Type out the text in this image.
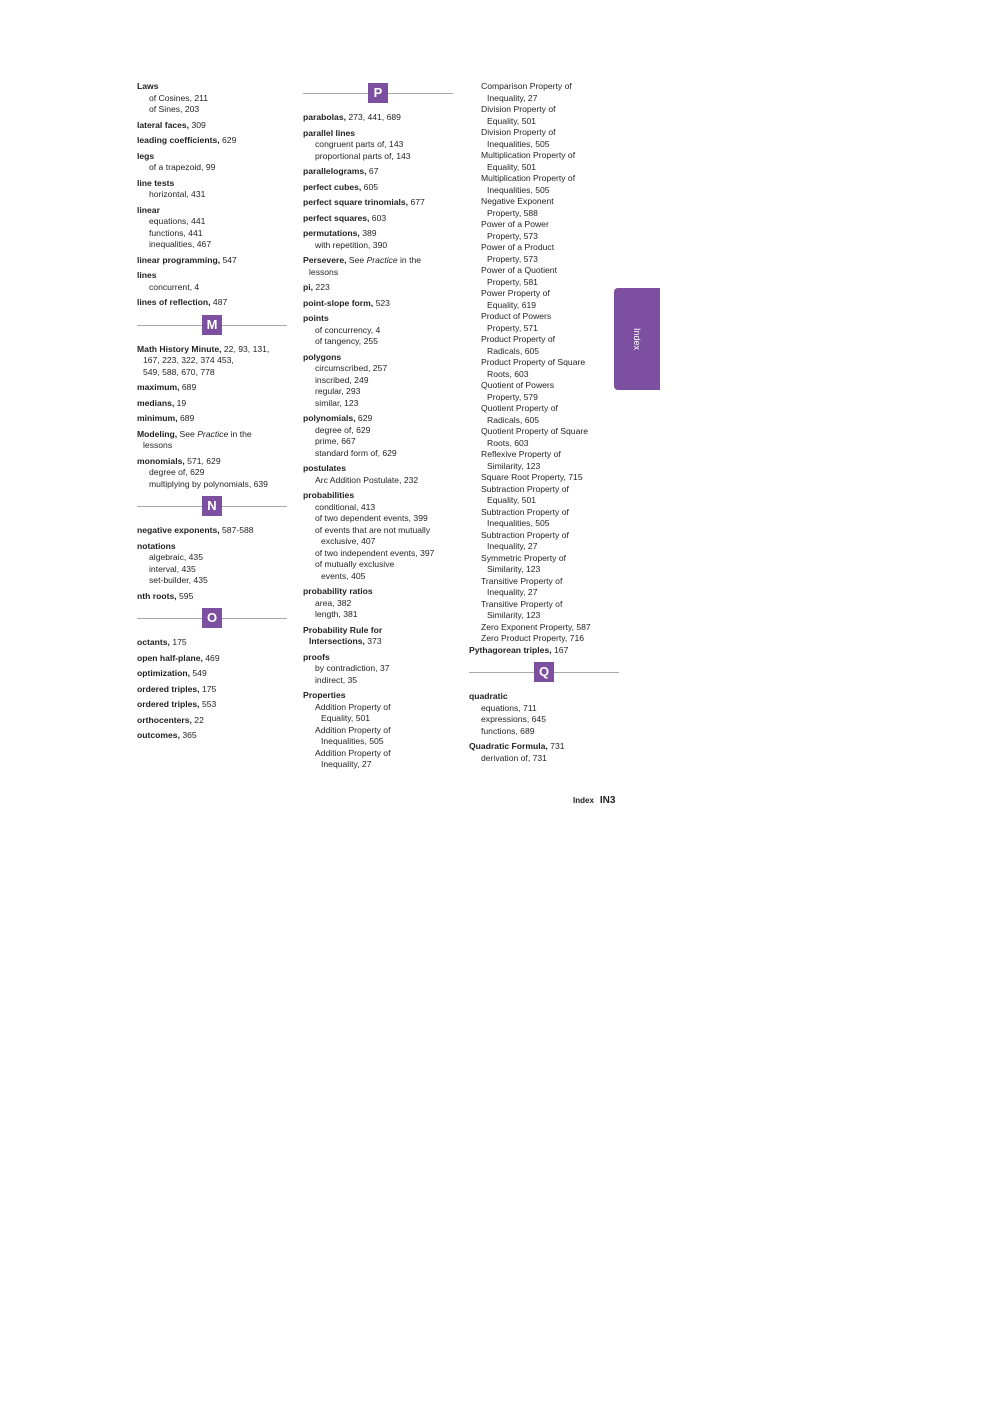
Laws
of Cosines, 211
of Sines, 203
lateral faces, 309
leading coefficients, 629
legs
of a trapezoid, 99
line tests
horizontal, 431
linear
equations, 441
functions, 441
inequalities, 467
linear programming, 547
lines
concurrent, 4
lines of reflection, 487
M
Math History Minute, 22, 93, 131,
167, 223, 322, 374 453,
549, 588, 670, 778
maximum, 689
medians, 19
minimum, 689
Modeling, See Practice in the
lessons
monomials, 571, 629
degree of, 629
multiplying by polynomials, 639
N
negative exponents, 587-588
notations
algebraic, 435
interval, 435
set-builder, 435
nth roots, 595
O
octants, 175
open half-plane, 469
optimization, 549
ordered triples, 175
ordered triples, 553
orthocenters, 22
outcomes, 365
P
parabolas, 273, 441, 689
parallel lines
congruent parts of, 143
proportional parts of, 143
parallelograms, 67
perfect cubes, 605
perfect square trinomials, 677
perfect squares, 603
permutations, 389
with repetition, 390
Persevere, See Practice in the
lessons
pi, 223
point-slope form, 523
points
of concurrency, 4
of tangency, 255
polygons
circumscribed, 257
inscribed, 249
regular, 293
similar, 123
polynomials, 629
degree of, 629
prime, 667
standard form of, 629
postulates
Arc Addition Postulate, 232
probabilities
conditional, 413
of two dependent events, 399
of events that are not mutually
exclusive, 407
of two independent events, 397
of mutually exclusive
events, 405
probability ratios
area, 382
length, 381
Probability Rule for
Intersections, 373
proofs
by contradiction, 37
indirect, 35
Properties
Addition Property of
Equality, 501
Addition Property of
Inequalities, 505
Addition Property of
Inequality, 27
Comparison Property of
Inequality, 27
Division Property of
Equality, 501
Division Property of
Inequalities, 505
Multiplication Property of
Equality, 501
Multiplication Property of
Inequalities, 505
Negative Exponent
Property, 588
Power of a Power
Property, 573
Power of a Product
Property, 573
Power of a Quotient
Property, 581
Power Property of
Equality, 619
Product of Powers
Property, 571
Product Property of
Radicals, 605
Product Property of Square
Roots, 603
Quotient of Powers
Property, 579
Quotient Property of
Radicals, 605
Quotient Property of Square
Roots, 603
Reflexive Property of
Similarity, 123
Square Root Property, 715
Subtraction Property of
Equality, 501
Subtraction Property of
Inequalities, 505
Subtraction Property of
Inequality, 27
Symmetric Property of
Similarity, 123
Transitive Property of
Inequality, 27
Transitive Property of
Similarity, 123
Zero Exponent Property, 587
Zero Product Property, 716
Pythagorean triples, 167
Q
quadratic
equations, 711
expressions, 645
functions, 689
Quadratic Formula, 731
derivation of, 731
Index
Index IN3
